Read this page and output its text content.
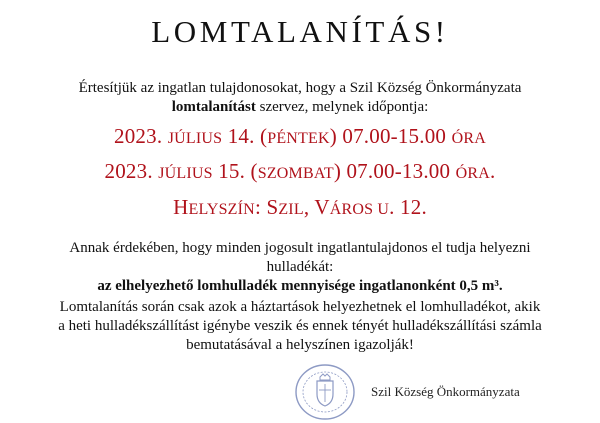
LOMTALANÍTÁS!
Értesítjük az ingatlan tulajdonosokat, hogy a Szil Község Önkormányzata
lomtalanítást szervez, melynek időpontja:
2023. JÚLIUS 14. (PÉNTEK) 07.00-15.00 ÓRA
2023. JÚLIUS 15. (SZOMBAT) 07.00-13.00 ÓRA.
HELYSZÍN: SZIL, VÁROS U. 12.
Annak érdekében, hogy minden jogosult ingatlantulajdonos el tudja helyezni
hulladékát:
az elhelyezhető lomhulladék mennyisége ingatlanonként 0,5 m³.
Lomtalanítás során csak azok a háztartások helyezhetnek el lomhulladékot, akik
a heti hulladékszállítást igénybe veszik és ennek tényét hulladékszállítási számla
bemutatásával a helyszínen igazolják!
Szil Község Önkormányzata
